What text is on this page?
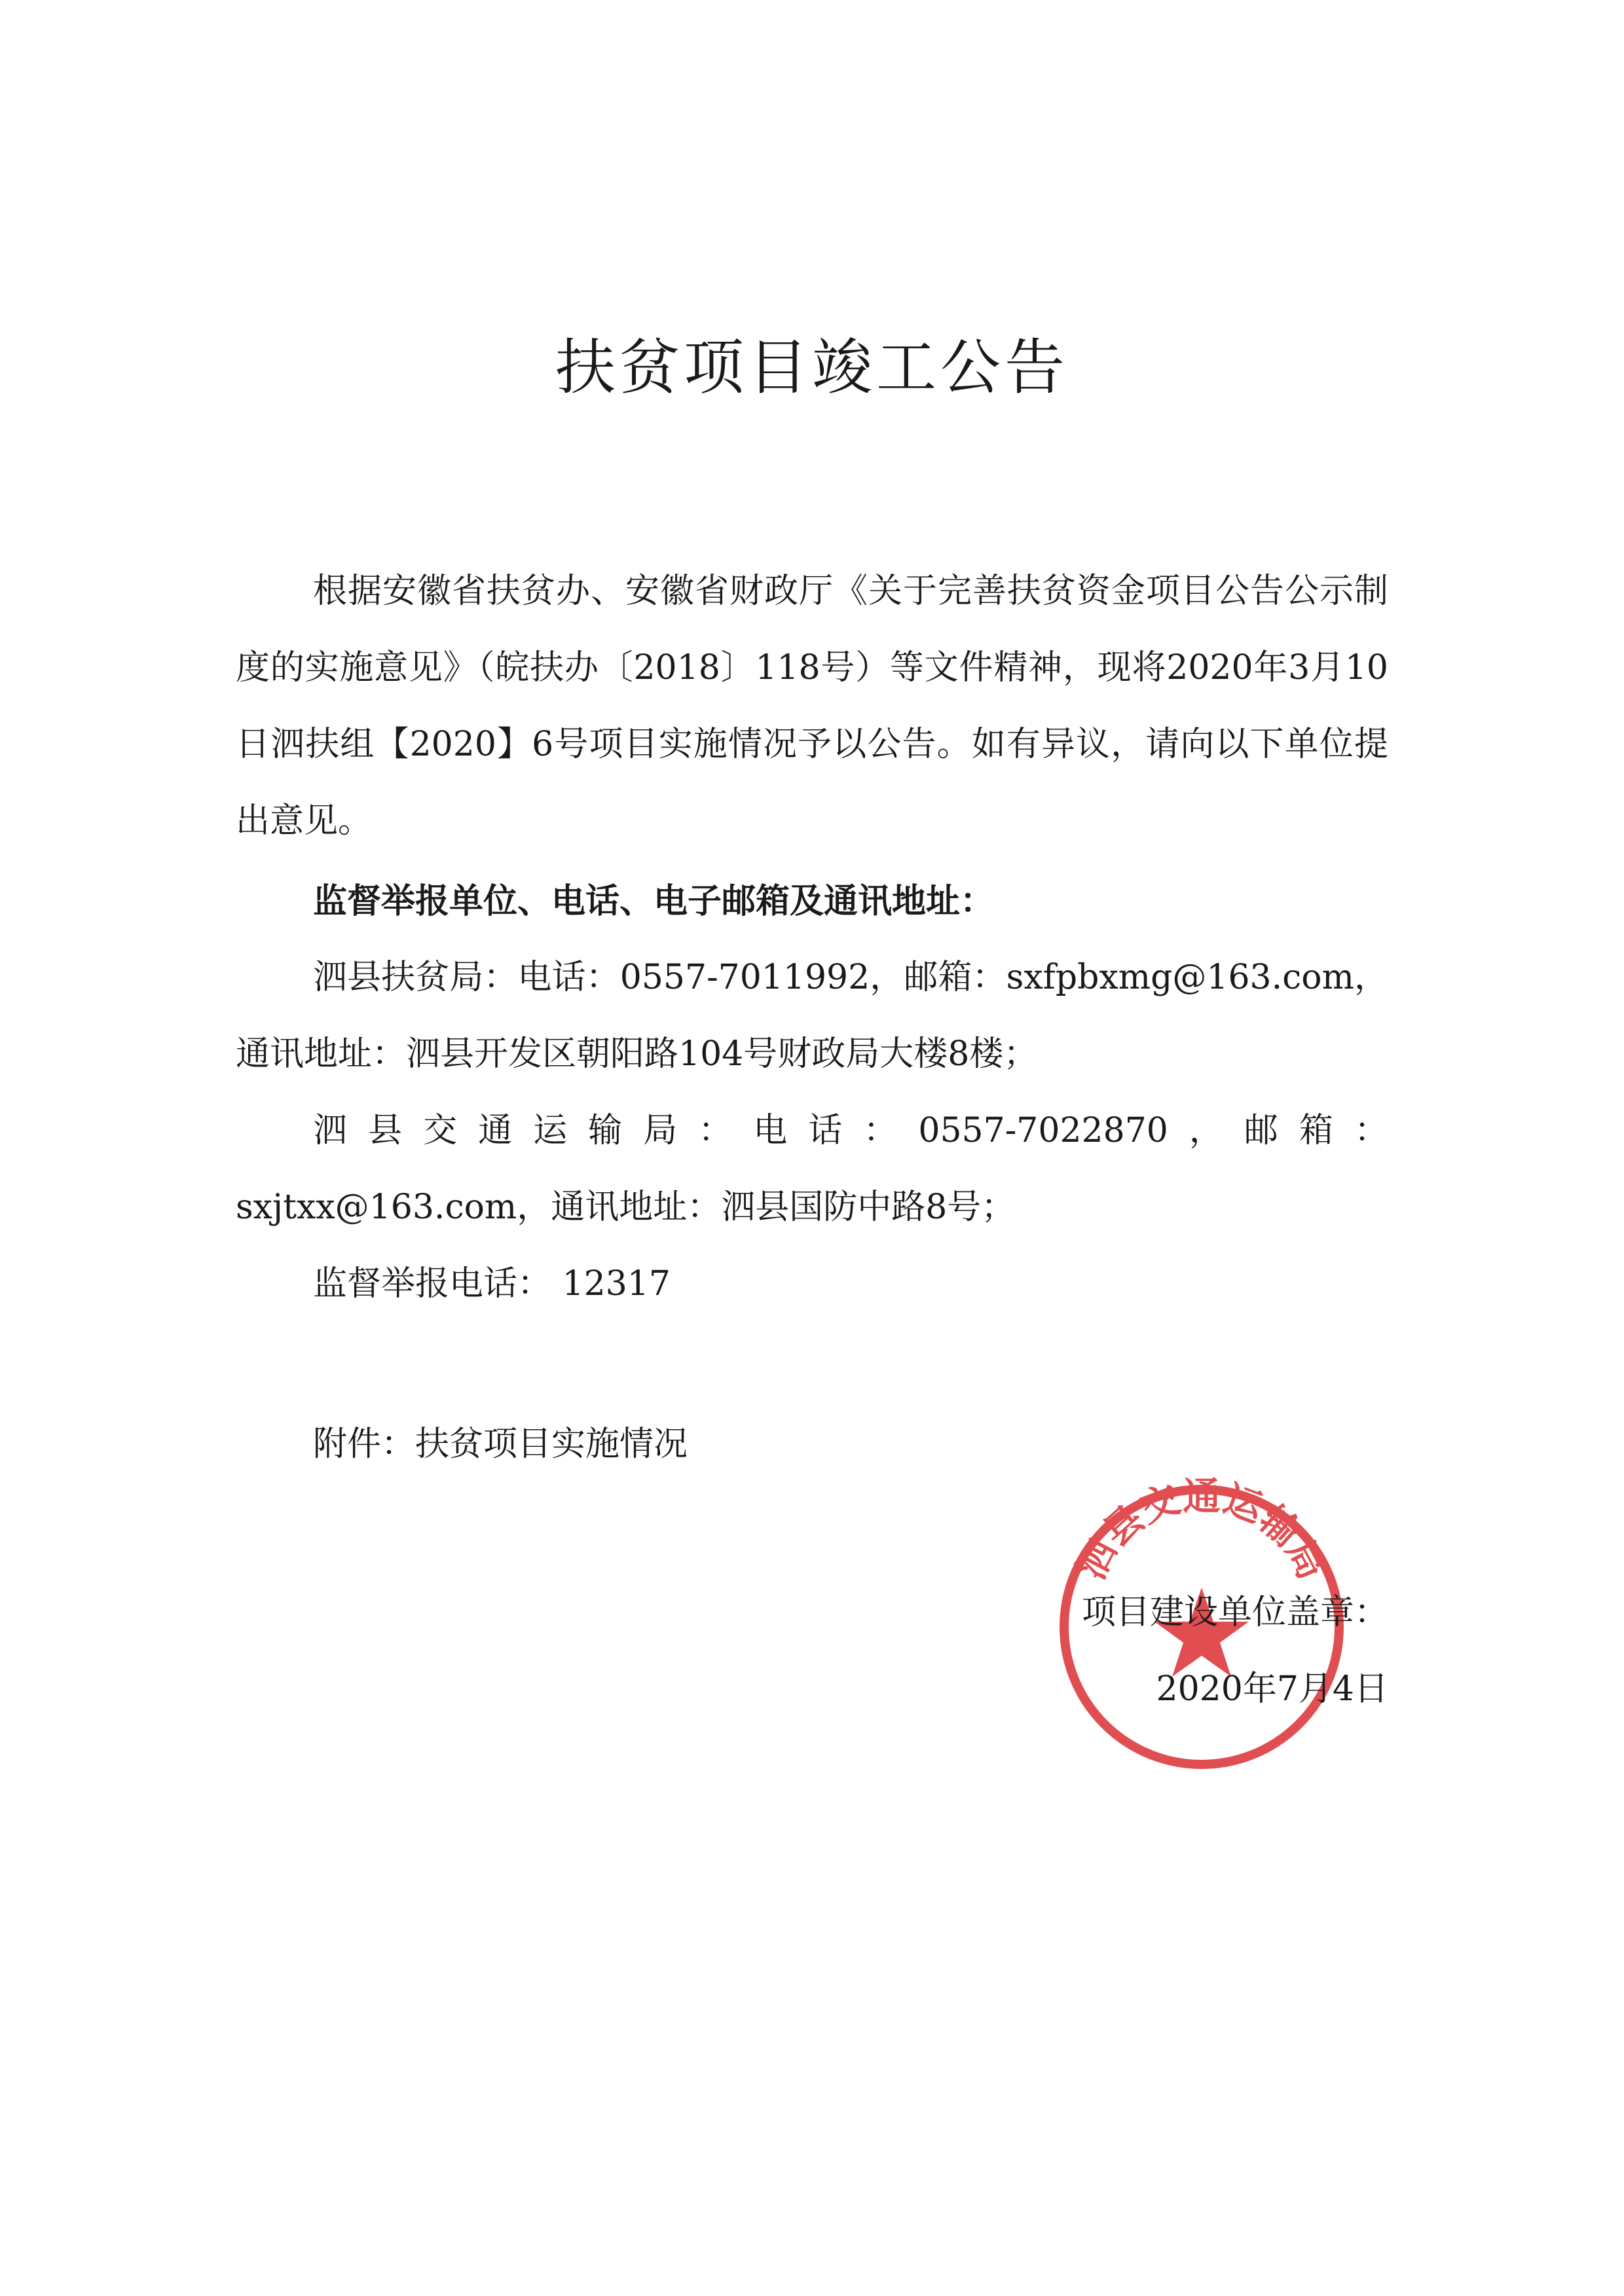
扶贫项目竣工公告

根据安徽省扶贫办、安徽省财政厅《关于完善扶贫资金项目公告公示制度的实施意见》（皖扶办〔2018〕118号）等文件精神，现将2020年3月10日泗扶组【2020】6号项目实施情况予以公告。如有异议，请向以下单位提出意见。

监督举报单位、电话、电子邮箱及通讯地址：

泗县扶贫局：电话：0557-7011992，邮箱：sxfpbxmg@163.com，通讯地址：泗县开发区朝阳路104号财政局大楼8楼；

泗县交通运输局：电话：0557-7022870，邮箱：sxjtxx@163.com，通讯地址：泗县国防中路8号；

监督举报电话： 12317

附件：扶贫项目实施情况

泗县交通运输局

项目建设单位盖章：

2020年7月4日
